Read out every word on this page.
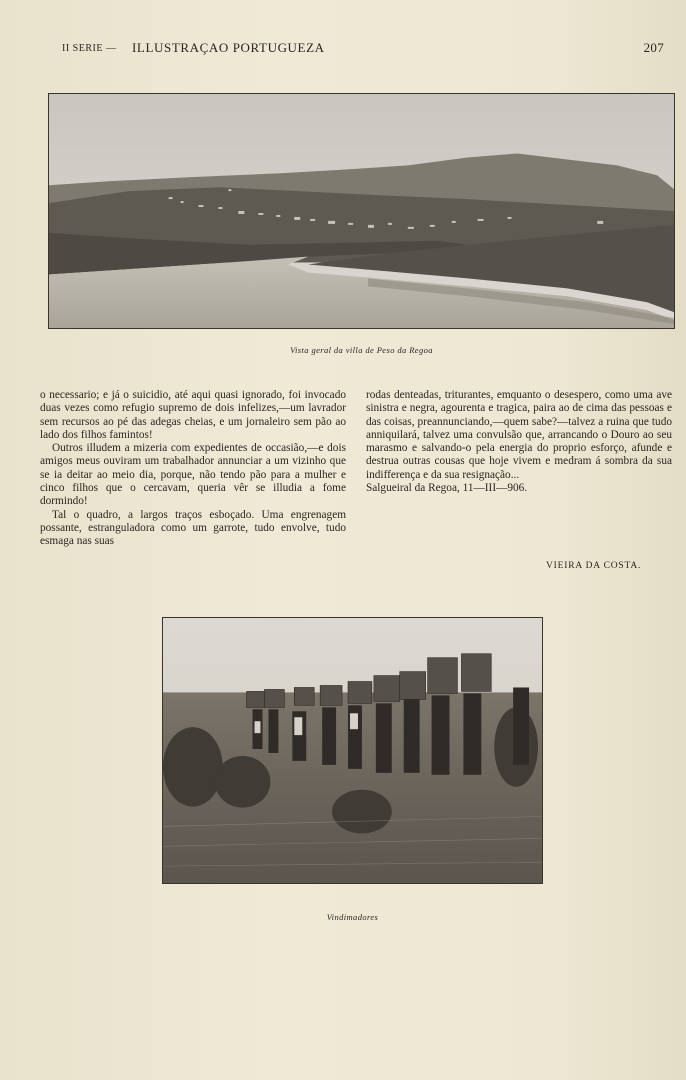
II SERIE — ILLUSTRAÇAO PORTUGUEZA	207
Vista geral da villa de Peso da Regoa

o necessario; e já o suicidio, até aqui quasi ignorado, foi invocado duas vezes como refugio supremo de dois infelizes,—um lavrador sem recursos ao pé das adegas cheias, e um jornaleiro sem pão ao lado dos filhos famintos!

Outros illudem a mizeria com expedientes de occasião,—e dois amigos meus ouviram um trabalhador annunciar a um vizinho que se ia deitar ao meio dia, porque, não tendo pão para a mulher e cinco filhos que o cercavam, queria vêr se illudia a fome dormindo!

Tal o quadro, a largos traços esboçado. Uma engrenagem possante, estranguladora como um garrote, tudo envolve, tudo esmaga nas suas

rodas denteadas, triturantes, emquanto o desespero, como uma ave sinistra e negra, agourenta e tragica, paira ao de cima das pessoas e das coisas, preannunciando,—quem sabe?—talvez a ruina que tudo anniquilará, talvez uma convulsão que, arrancando o Douro ao seu marasmo e salvando-o pela energia do proprio esforço, afunde e destrua outras cousas que hoje vivem e medram á sombra da sua indifferença e da sua resignação...

Salgueiral da Regoa, 11—III—906.

VIEIRA DA COSTA.
Vindimadores
